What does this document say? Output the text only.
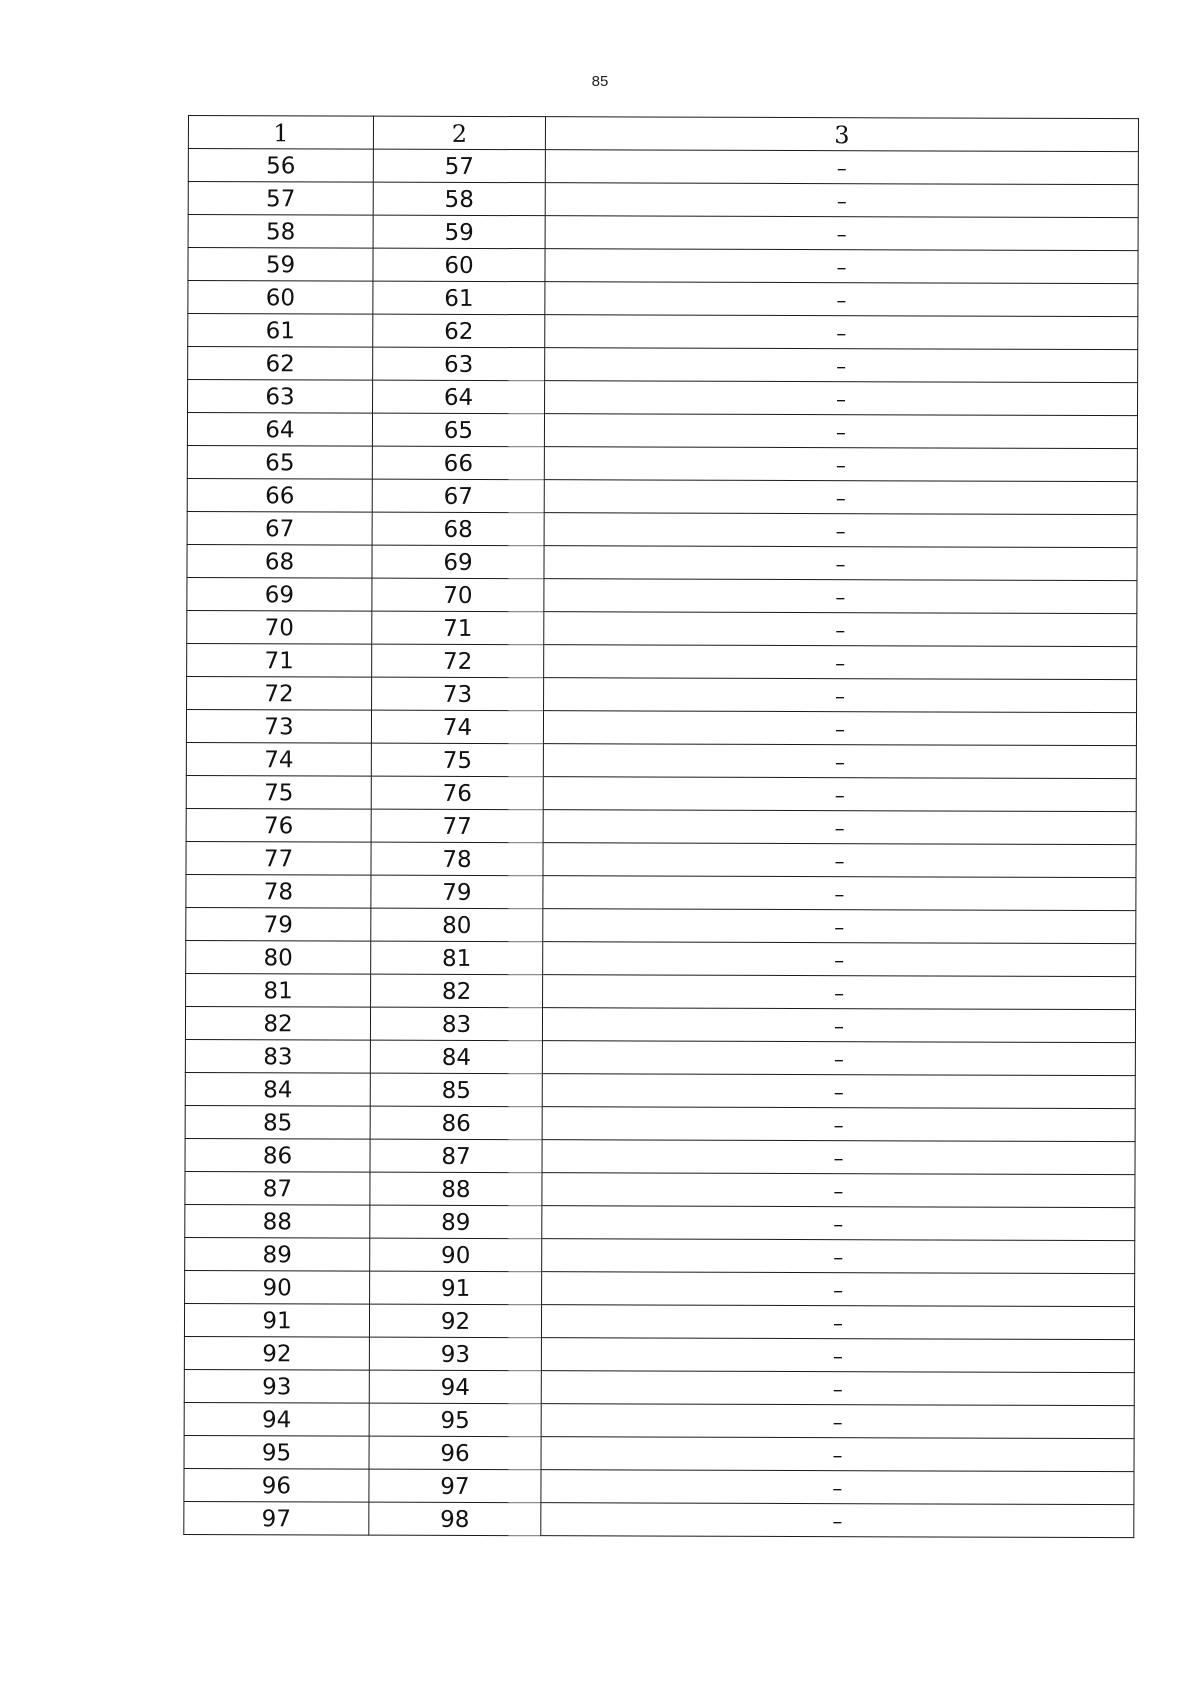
85
1	2	3
56	57	–
57	58	–
58	59	–
59	60	–
60	61	–
61	62	–
62	63	–
63	64	–
64	65	–
65	66	–
66	67	–
67	68	–
68	69	–
69	70	–
70	71	–
71	72	–
72	73	–
73	74	–
74	75	–
75	76	–
76	77	–
77	78	–
78	79	–
79	80	–
80	81	–
81	82	–
82	83	–
83	84	–
84	85	–
85	86	–
86	87	–
87	88	–
88	89	–
89	90	–
90	91	–
91	92	–
92	93	–
93	94	–
94	95	–
95	96	–
96	97	–
97	98	–
